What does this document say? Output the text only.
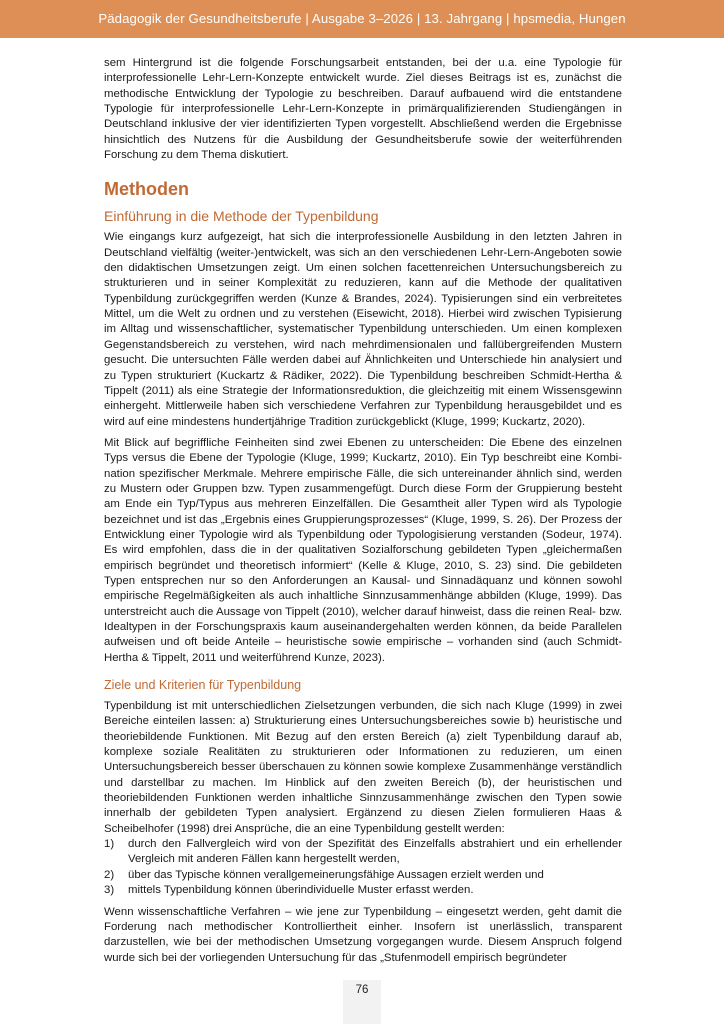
Pädagogik der Gesundheitsberufe | Ausgabe 3–2026 | 13. Jahrgang | hpsmedia, Hungen

sem Hintergrund ist die folgende Forschungsarbeit entstanden, bei der u.a. eine Typologie für interprofessionelle Lehr-Lern-Konzepte entwickelt wurde. Ziel dieses Beitrags ist es, zunächst die methodische Entwicklung der Typologie zu beschreiben. Darauf aufbauend wird die entstandene Typologie für interprofessionelle Lehr-Lern-Konzepte in primärqualifizierenden Studiengängen in Deutschland inklusive der vier identifizierten Typen vorgestellt. Abschließend werden die Ergebnisse hinsichtlich des Nutzens für die Ausbildung der Gesundheitsberufe sowie der weiterführenden Forschung zu dem Thema diskutiert.

Methoden
Einführung in die Methode der Typenbildung

Wie eingangs kurz aufgezeigt, hat sich die interprofessionelle Ausbildung in den letzten Jahren in Deutschland vielfältig (weiter-)entwickelt, was sich an den verschiedenen Lehr-Lern-Angeboten sowie den didaktischen Umsetzungen zeigt. Um einen solchen facettenreichen Untersuchungsbereich zu strukturieren und in seiner Komplexität zu reduzieren, kann auf die Methode der qualitativen Typenbildung zurückgegriffen werden (Kunze & Brandes, 2024). Typisierungen sind ein verbreitetes Mittel, um die Welt zu ordnen und zu verstehen (Eisewicht, 2018). Hierbei wird zwischen Typisierung im Alltag und wissenschaftlicher, systematischer Typenbildung unterschieden. Um einen komplexen Gegenstandsbereich zu verstehen, wird nach mehrdimensionalen und fallübergreifenden Mustern gesucht. Die untersuchten Fälle werden dabei auf Ähnlichkeiten und Unterschiede hin analysiert und zu Typen strukturiert (Kuckartz & Rädiker, 2022). Die Typenbildung beschreiben Schmidt-Hertha & Tippelt (2011) als eine Strategie der Informationsreduktion, die gleichzeitig mit einem Wissensgewinn einhergeht. Mittlerweile haben sich verschiedene Verfahren zur Typenbildung herausgebildet und es wird auf eine mindestens hundertjährige Tradition zurückgeblickt (Kluge, 1999; Kuckartz, 2020).

Mit Blick auf begriffliche Feinheiten sind zwei Ebenen zu unterscheiden: Die Ebene des einzelnen Typs versus die Ebene der Typologie (Kluge, 1999; Kuckartz, 2010). Ein Typ beschreibt eine Kombination spezifischer Merkmale. Mehrere empirische Fälle, die sich untereinander ähnlich sind, werden zu Mustern oder Gruppen bzw. Typen zusammengefügt. Durch diese Form der Gruppierung besteht am Ende ein Typ/Typus aus mehreren Einzelfällen. Die Gesamtheit aller Typen wird als Typologie bezeichnet und ist das „Ergebnis eines Gruppierungsprozesses“ (Kluge, 1999, S. 26). Der Prozess der Entwicklung einer Typologie wird als Typenbildung oder Typologisierung verstanden (Sodeur, 1974). Es wird empfohlen, dass die in der qualitativen Sozialforschung gebildeten Typen „gleichermaßen empirisch begründet und theoretisch informiert“ (Kelle & Kluge, 2010, S. 23) sind. Die gebildeten Typen entsprechen nur so den Anforderungen an Kausal- und Sinnadäquanz und können sowohl empirische Regelmäßigkeiten als auch inhaltliche Sinnzusammenhänge abbilden (Kluge, 1999). Das unterstreicht auch die Aussage von Tippelt (2010), welcher darauf hinweist, dass die reinen Real- bzw. Idealtypen in der Forschungspraxis kaum auseinandergehalten werden können, da beide Parallelen aufweisen und oft beide Anteile – heuristische sowie empirische – vorhanden sind (auch Schmidt-Hertha & Tippelt, 2011 und weiterführend Kunze, 2023).

Ziele und Kriterien für Typenbildung

Typenbildung ist mit unterschiedlichen Zielsetzungen verbunden, die sich nach Kluge (1999) in zwei Bereiche einteilen lassen: a) Strukturierung eines Untersuchungsbereiches sowie b) heuristische und theoriebildende Funktionen. Mit Bezug auf den ersten Bereich (a) zielt Typenbildung darauf ab, komplexe soziale Realitäten zu strukturieren oder Informationen zu reduzieren, um einen Untersuchungsbereich besser überschauen zu können sowie komplexe Zusammenhänge verständlich und darstellbar zu machen. Im Hinblick auf den zweiten Bereich (b), der heuristischen und theoriebildenden Funktionen werden inhaltliche Sinnzusammenhänge zwischen den Typen sowie innerhalb der gebildeten Typen analysiert. Ergänzend zu diesen Zielen formulieren Haas & Scheibelhofer (1998) drei Ansprüche, die an eine Typenbildung gestellt werden:

1) durch den Fallvergleich wird von der Spezifität des Einzelfalls abstrahiert und ein erhellender Vergleich mit anderen Fällen kann hergestellt werden,
2) über das Typische können verallgemeinerungsfähige Aussagen erzielt werden und
3) mittels Typenbildung können überindividuelle Muster erfasst werden.

Wenn wissenschaftliche Verfahren – wie jene zur Typenbildung – eingesetzt werden, geht damit die Forderung nach methodischer Kontrolliertheit einher. Insofern ist unerlässlich, transparent darzustellen, wie bei der methodischen Umsetzung vorgegangen wurde. Diesem Anspruch folgend wurde sich bei der vorliegenden Untersuchung für das „Stufenmodell empirisch begründeter

76
